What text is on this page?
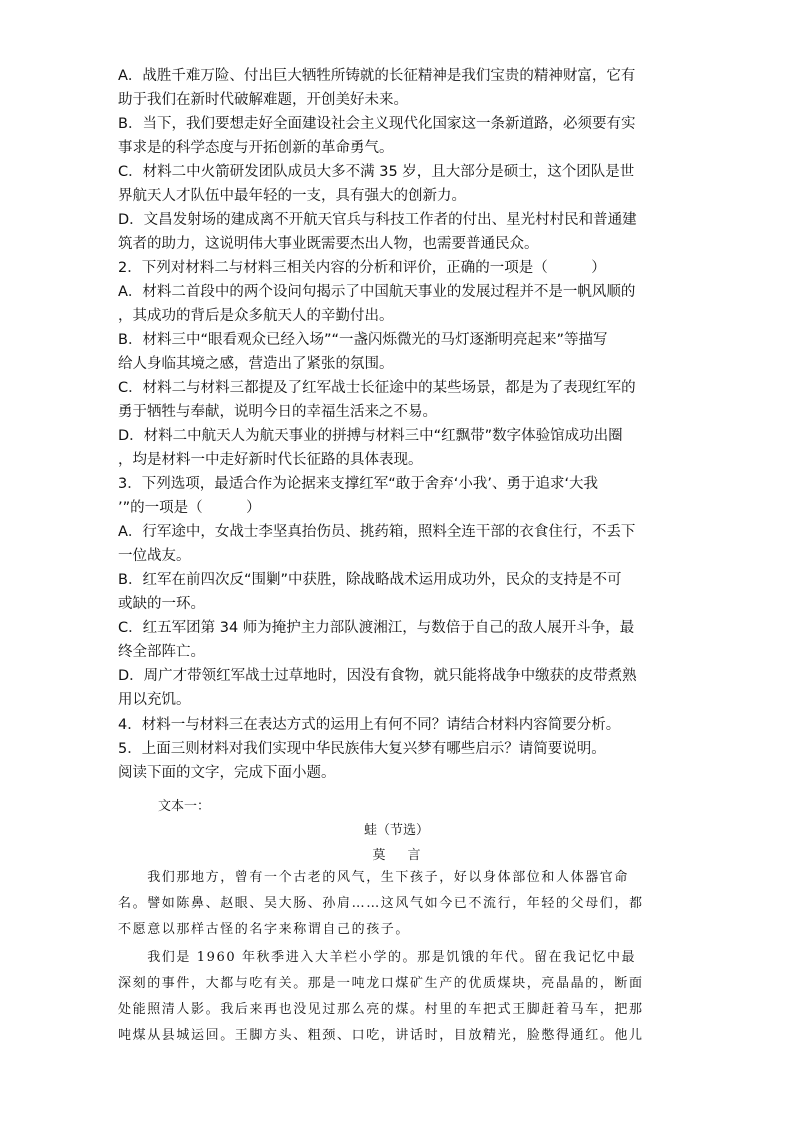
A．战胜千难万险、付出巨大牺牲所铸就的长征精神是我们宝贵的精神财富，它有
助于我们在新时代破解难题，开创美好未来。
B．当下，我们要想走好全面建设社会主义现代化国家这一条新道路，必须要有实
事求是的科学态度与开拓创新的革命勇气。
C．材料二中火箭研发团队成员大多不满 35 岁，且大部分是硕士，这个团队是世
界航天人才队伍中最年轻的一支，具有强大的创新力。
D．文昌发射场的建成离不开航天官兵与科技工作者的付出、星光村村民和普通建
筑者的助力，这说明伟大事业既需要杰出人物，也需要普通民众。
2．下列对材料二与材料三相关内容的分析和评价，正确的一项是（　　　）
A．材料二首段中的两个设问句揭示了中国航天事业的发展过程并不是一帆风顺的
，其成功的背后是众多航天人的辛勤付出。
B．材料三中“眼看观众已经入场”“一盏闪烁微光的马灯逐渐明亮起来”等描写
给人身临其境之感，营造出了紧张的氛围。
C．材料二与材料三都提及了红军战士长征途中的某些场景，都是为了表现红军的
勇于牺牲与奉献，说明今日的幸福生活来之不易。
D．材料二中航天人为航天事业的拼搏与材料三中“红飘带”数字体验馆成功出圈
，均是材料一中走好新时代长征路的具体表现。
3．下列选项，最适合作为论据来支撑红军“敢于舍弃‘小我’、勇于追求‘大我
’”的一项是（　　　）
A．行军途中，女战士李坚真抬伤员、挑药箱，照料全连干部的衣食住行，不丢下
一位战友。
B．红军在前四次反“围剿”中获胜，除战略战术运用成功外，民众的支持是不可
或缺的一环。
C．红五军团第 34 师为掩护主力部队渡湘江，与数倍于自己的敌人展开斗争，最
终全部阵亡。
D．周广才带领红军战士过草地时，因没有食物，就只能将战争中缴获的皮带煮熟
用以充饥。
4．材料一与材料三在表达方式的运用上有何不同？请结合材料内容简要分析。
5．上面三则材料对我们实现中华民族伟大复兴梦有哪些启示？请简要说明。
阅读下面的文字，完成下面小题。
文本一：
蛙（节选）
莫言
　　我们那地方，曾有一个古老的风气，生下孩子，好以身体部位和人体器官命
名。譬如陈鼻、赵眼、吴大肠、孙肩……这风气如今已不流行，年轻的父母们，都
不愿意以那样古怪的名字来称谓自己的孩子。
　　我们是 1960 年秋季进入大羊栏小学的。那是饥饿的年代。留在我记忆中最
深刻的事件，大都与吃有关。那是一吨龙口煤矿生产的优质煤块，亮晶晶的，断面
处能照清人影。我后来再也没见过那么亮的煤。村里的车把式王脚赶着马车，把那
吨煤从县城运回。王脚方头、粗颈、口吃，讲话时，目放精光，脸憋得通红。他儿
